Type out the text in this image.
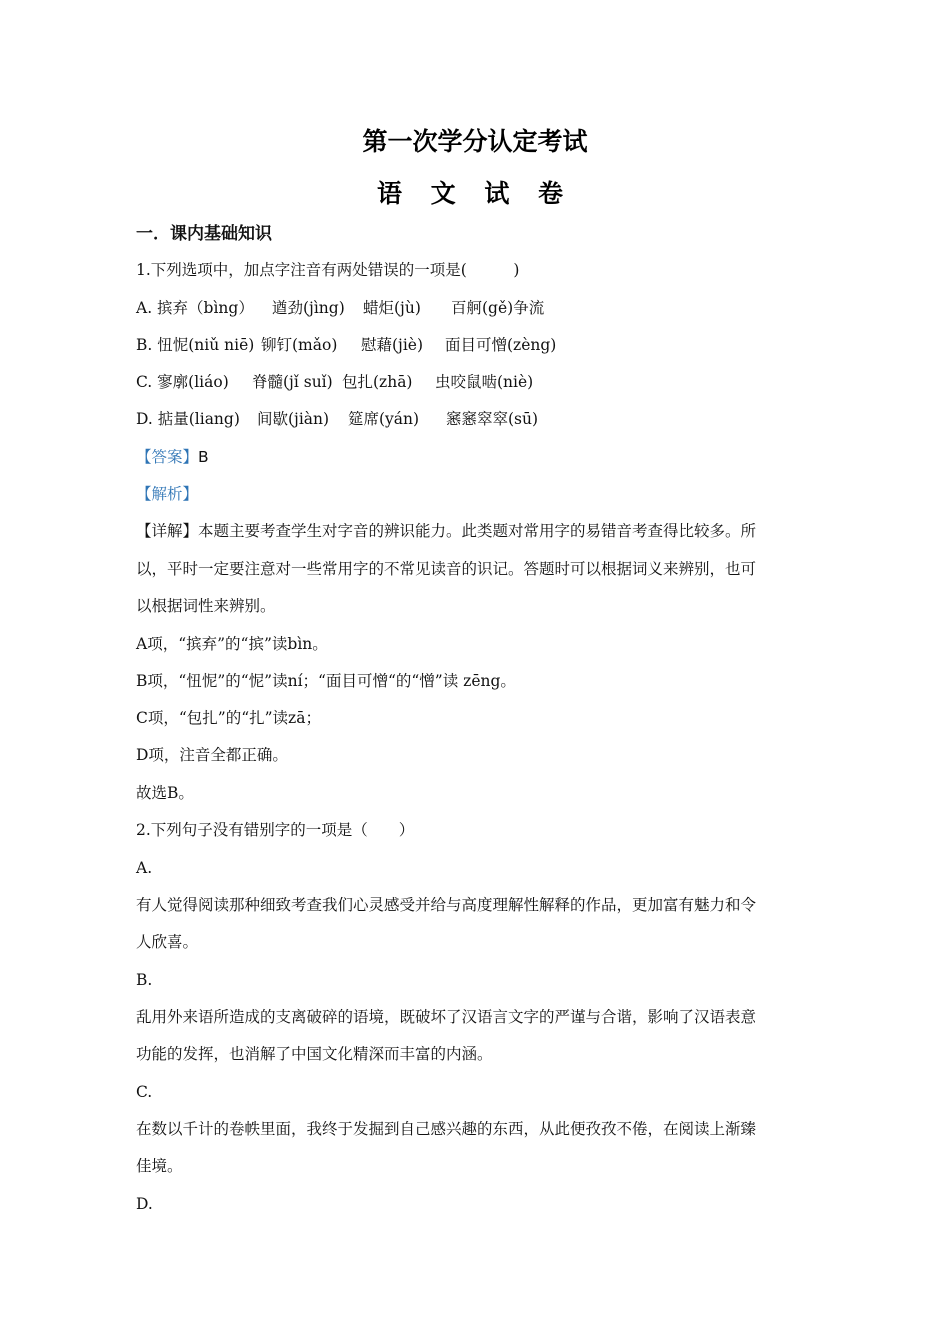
第一次学分认定考试
语 文 试 卷
一．课内基础知识
1.下列选项中，加点字注音有两处错误的一项是(　　　)
A. 摈弃（bìng） 遒劲(jìng) 蜡炬(jù) 百舸(gě)争流
B. 忸怩(niǔ niē) 铆钉(mǎo) 慰藉(jiè) 面目可憎(zèng)
C. 寥廓(liáo) 脊髓(jǐ suǐ) 包扎(zhā) 虫咬鼠啮(niè)
D. 掂量(liang) 间歇(jiàn) 筵席(yán) 窸窸窣窣(sū)
【答案】B
【解析】
【详解】本题主要考查学生对字音的辨识能力。此类题对常用字的易错音考查得比较多。所
以，平时一定要注意对一些常用字的不常见读音的识记。答题时可以根据词义来辨别，也可
以根据词性来辨别。
A项，“摈弃”的“摈”读bìn。
B项，“忸怩”的“怩”读ní；“面目可憎“的“憎”读 zēng。
C项，“包扎”的“扎”读zā；
D项，注音全都正确。
故选B。
2.下列句子没有错别字的一项是（　　）
A.
有人觉得阅读那种细致考查我们心灵感受并给与高度理解性解释的作品，更加富有魅力和令
人欣喜。
B.
乱用外来语所造成的支离破碎的语境，既破坏了汉语言文字的严谨与合谐，影响了汉语表意
功能的发挥，也消解了中国文化精深而丰富的内涵。
C.
在数以千计的卷帙里面，我终于发掘到自己感兴趣的东西，从此便孜孜不倦，在阅读上渐臻
佳境。
D.
